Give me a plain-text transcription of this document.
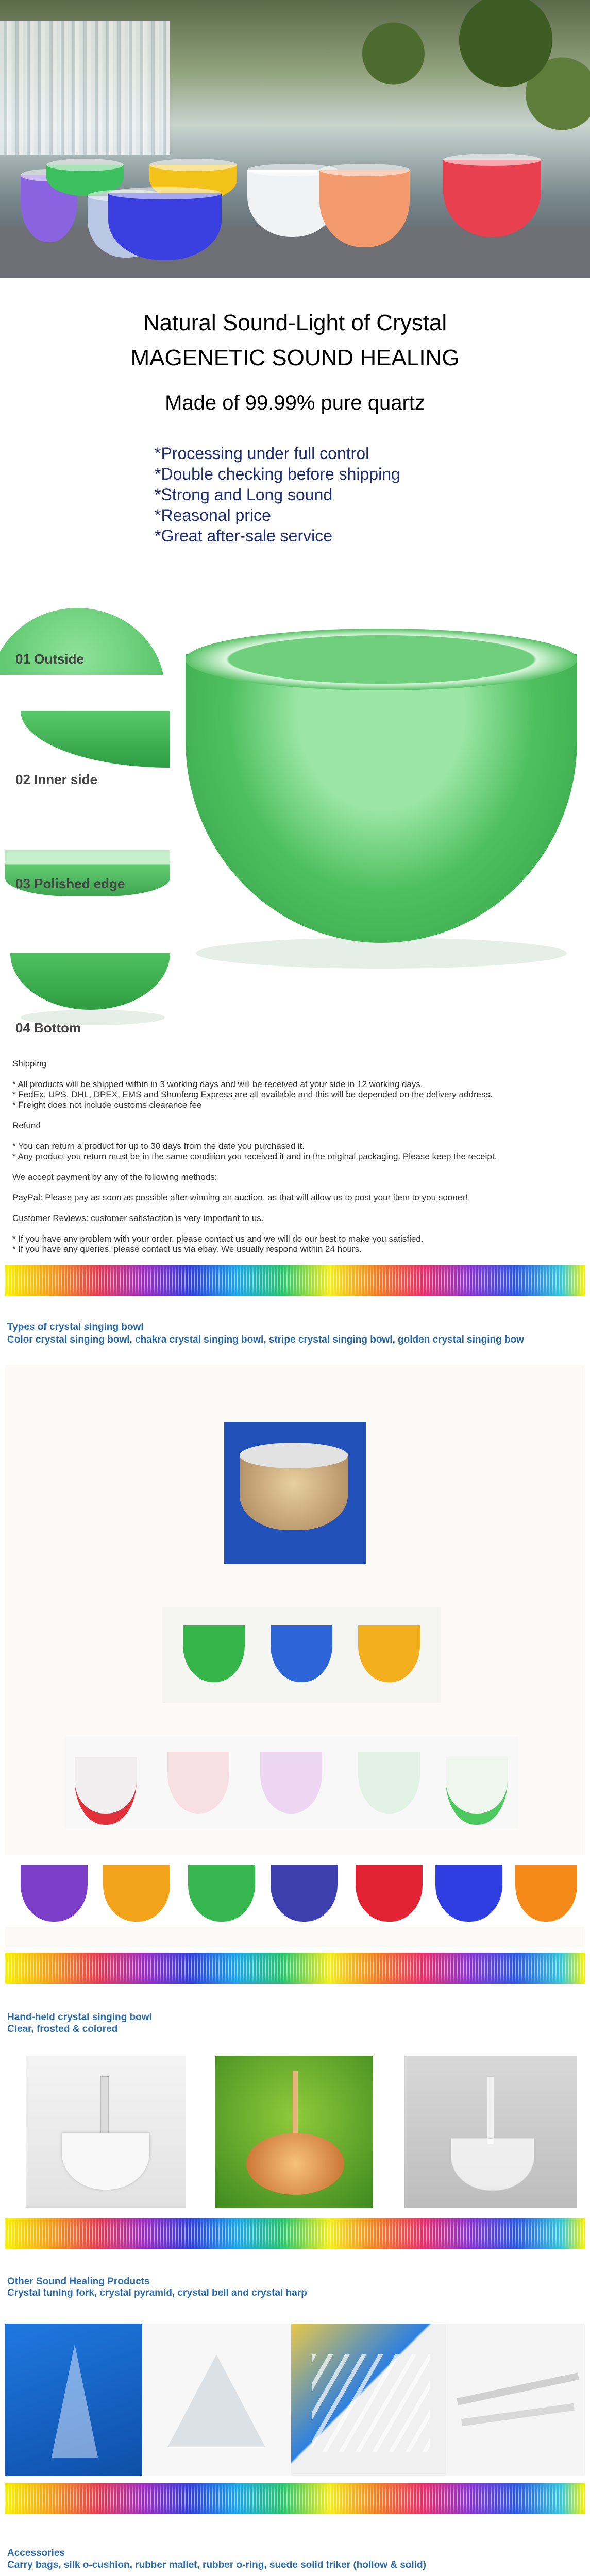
Natural Sound-Light of Crystal
MAGENETIC SOUND HEALING
Made of 99.99% pure quartz
*Processing under full control
*Double checking before shipping
*Strong and Long sound
*Reasonal price
*Great after-sale service
01 Outside
02 Inner side
03 Polished edge
04 Bottom

Shipping

* All products will be shipped within in 3 working days and will be received at your side in 12 working days.
* FedEx, UPS, DHL, DPEX, EMS and Shunfeng Express are all available and this will be depended on the delivery address.
* Freight does not include customs clearance fee

Refund

* You can return a product for up to 30 days from the date you purchased it.
* Any product you return must be in the same condition you received it and in the original packaging. Please keep the receipt.

We accept payment by any of the following methods:

PayPal: Please pay as soon as possible after winning an auction, as that will allow us to post your item to you sooner!

Customer Reviews: customer satisfaction is very important to us.

* If you have any problem with your order, please contact us and we will do our best to make you satisfied.
* If you have any queries, please contact us via ebay. We usually respond within 24 hours.

Types of crystal singing bowl
Color crystal singing bowl, chakra crystal singing bowl, stripe crystal singing bowl, golden crystal singing bow
Hand-held crystal singing bowl
Clear, frosted & colored
Other Sound Healing Products
Crystal tuning fork, crystal pyramid, crystal bell and crystal harp
Accessories
Carry bags, silk o-cushion, rubber mallet, rubber o-ring, suede solid triker (hollow & solid)
